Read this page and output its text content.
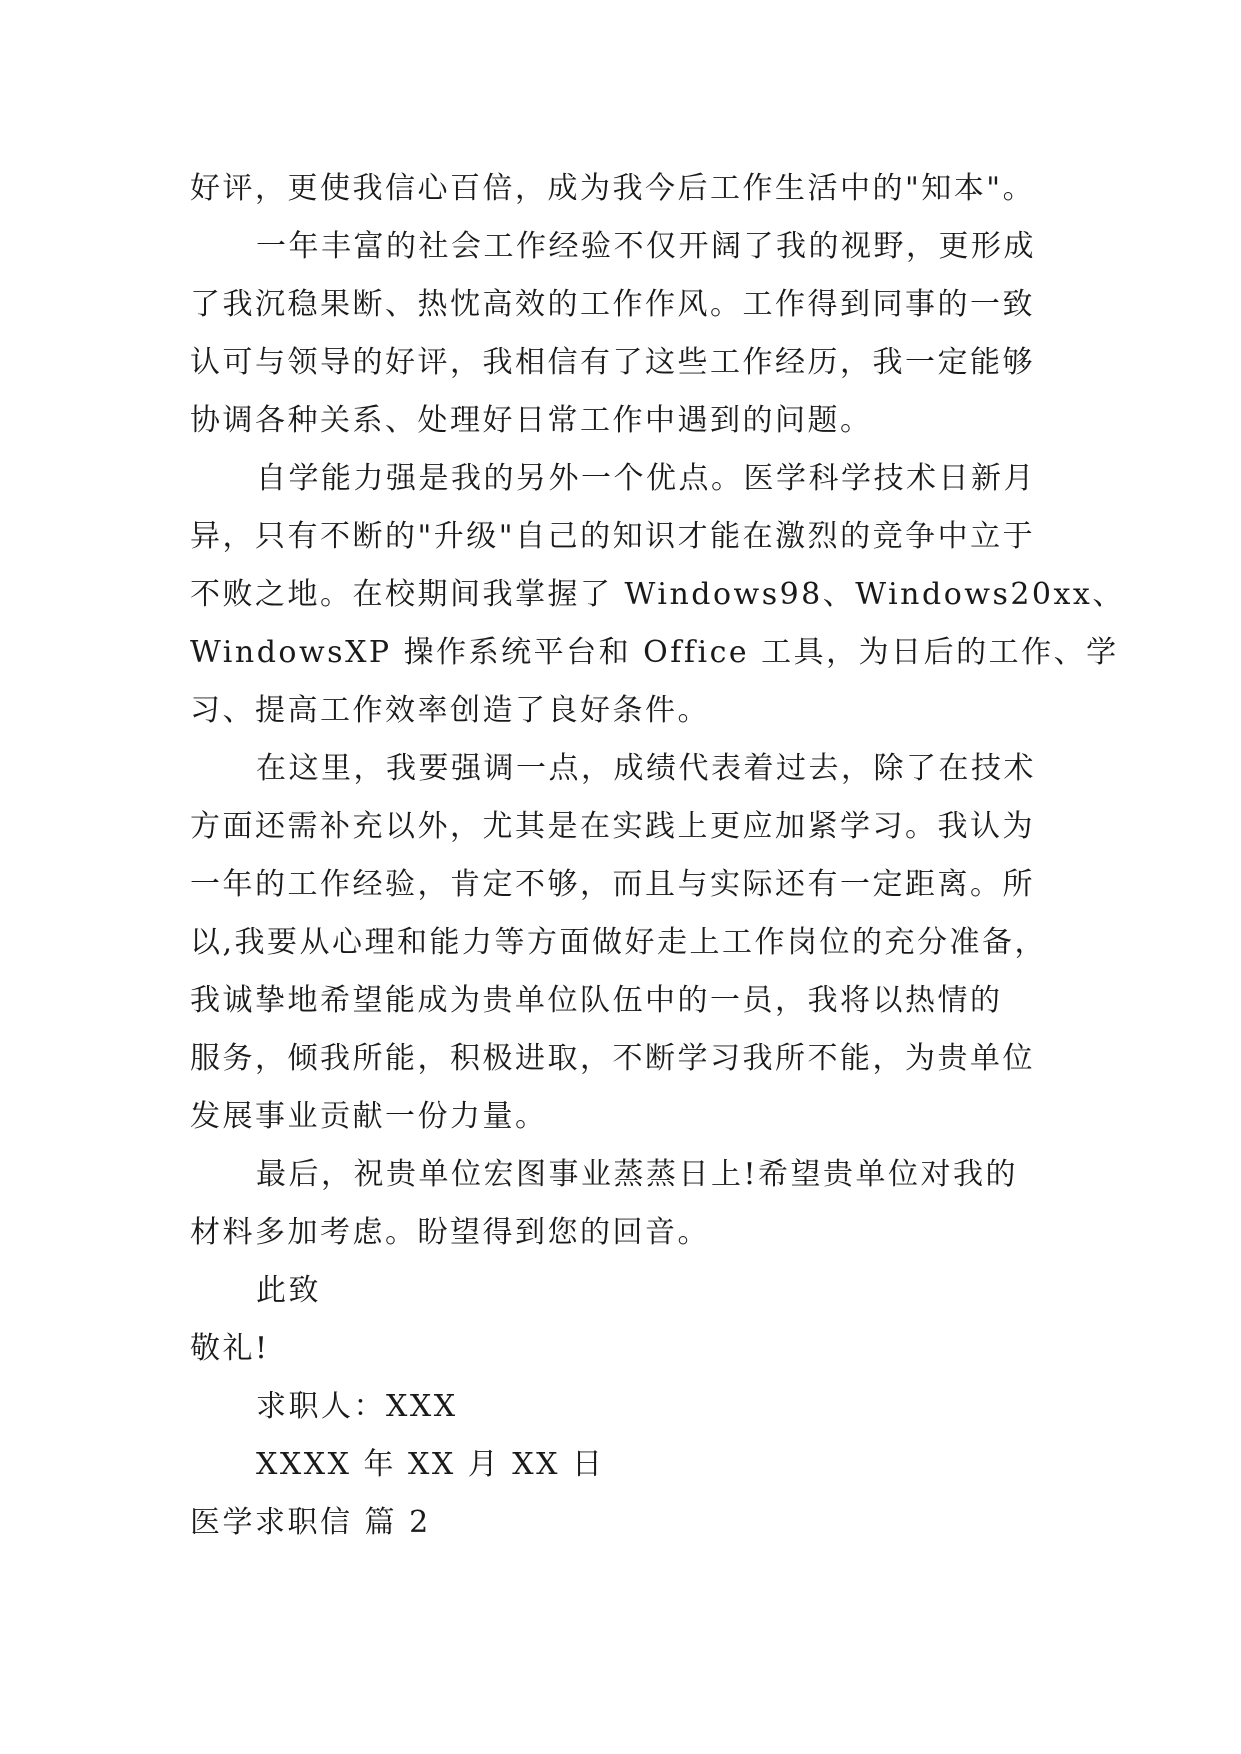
好评，更使我信心百倍，成为我今后工作生活中的"知本"。
一年丰富的社会工作经验不仅开阔了我的视野，更形成
了我沉稳果断、热忱高效的工作作风。工作得到同事的一致
认可与领导的好评，我相信有了这些工作经历，我一定能够
协调各种关系、处理好日常工作中遇到的问题。
自学能力强是我的另外一个优点。医学科学技术日新月
异，只有不断的"升级"自己的知识才能在激烈的竞争中立于
不败之地。在校期间我掌握了 Windows98、Windows20xx、
WindowsXP 操作系统平台和 Office 工具，为日后的工作、学
习、提高工作效率创造了良好条件。
在这里，我要强调一点，成绩代表着过去，除了在技术
方面还需补充以外，尤其是在实践上更应加紧学习。我认为
一年的工作经验，肯定不够，而且与实际还有一定距离。所
以,我要从心理和能力等方面做好走上工作岗位的充分准备，
我诚挚地希望能成为贵单位队伍中的一员，我将以热情的
服务，倾我所能，积极进取，不断学习我所不能，为贵单位
发展事业贡献一份力量。
最后，祝贵单位宏图事业蒸蒸日上!希望贵单位对我的
材料多加考虑。盼望得到您的回音。
此致
敬礼!
求职人：XXX
XXXX 年 XX 月 XX 日
医学求职信 篇 2
